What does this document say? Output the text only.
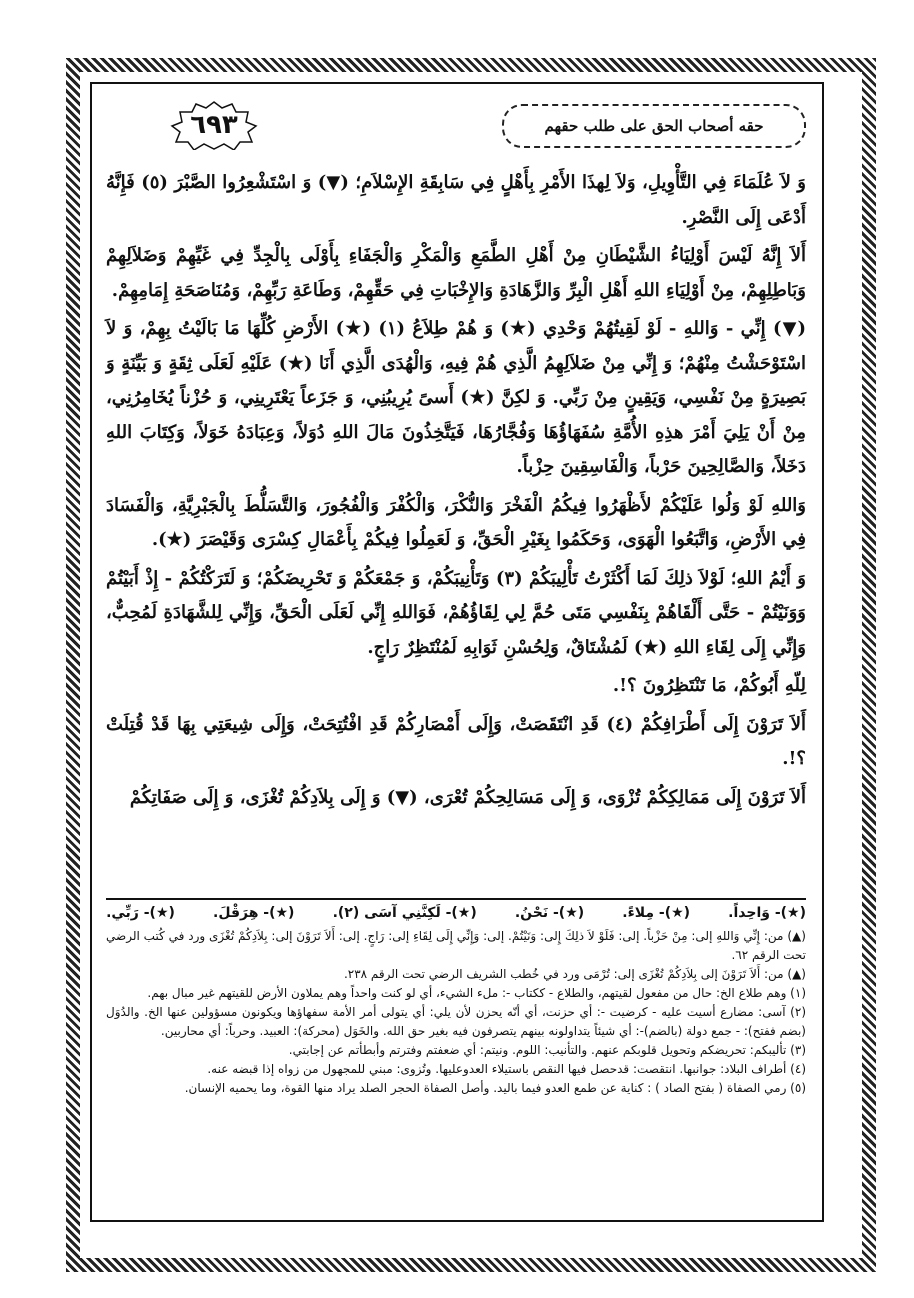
٦٩٣	حقه أصحاب الحق على طلب حقهم

وَ لاَ عُلَمَاءَ فِي التَّأْوِيلِ، وَلاَ لِهذَا الأَمْرِ بِأَهْلٍ فِي سَابِقَةِ الإِسْلاَمِ؛ (▼) وَ اسْتَشْعِرُوا الصَّبْرَ (٥) فَإِنَّهُ أَدْعَى إِلَى النَّصْرِ.

أَلاَ إِنَّهُ لَيْسَ أَوْلِيَاءُ الشَّيْطَانِ مِنْ أَهْلِ الطَّمَعِ وَالْمَكْرِ وَالْجَفَاءِ بِأَوْلَى بِالْجِدِّ فِي غَيِّهِمْ وَضَلاَلِهِمْ وَبَاطِلِهِمْ، مِنْ أَوْلِيَاءِ اللهِ أَهْلِ الْبِرِّ وَالزَّهَادَةِ وَالإِخْبَاتِ فِي حَقِّهِمْ، وَطَاعَةِ رَبِّهِمْ، وَمُنَاصَحَةِ إِمَامِهِمْ.

(▼) إِنِّي - وَاللهِ - لَوْ لَقِيتُهُمْ وَحْدِي (★) وَ هُمْ طِلاَعُ (١) (★) الأَرْضِ كُلِّهَا مَا بَالَيْتُ بِهِمْ، وَ لاَ اسْتَوْحَشْتُ مِنْهُمْ؛ وَ إِنِّي مِنْ ضَلاَلِهِمُ الَّذِي هُمْ فِيهِ، وَالْهُدَى الَّذِي أَنَا (★) عَلَيْهِ لَعَلَى ثِقَةٍ وَ بَيِّنَةٍ وَ بَصِيرَةٍ مِنْ نَفْسِي، وَيَقِينٍ مِنْ رَبِّي. وَ لكِنَّ (★) أَسىً يُرِيبُنِي، وَ جَزَعاً يَعْتَرِينِي، وَ حُزْناً يُخَامِرُنِي، مِنْ أَنْ يَلِيَ أَمْرَ هذِهِ الأُمَّةِ سُفَهَاؤُهَا وَفُجَّارُهَا، فَيَتَّخِذُونَ مَالَ اللهِ دُوَلاً، وَعِبَادَهُ خَوَلاً، وَكِتَابَ اللهِ دَخَلاً، وَالصَّالِحِينَ حَرْباً، وَالْفَاسِقِينَ حِزْباً.

وَاللهِ لَوْ وَلُوا عَلَيْكُمْ لأَظْهَرُوا فِيكُمُ الْفَخْرَ وَالنُّكْرَ، وَالْكُفْرَ وَالْفُجُورَ، وَالتَّسَلُّطَ بِالْجَبْرِيَّةِ، وَالْفَسَادَ فِي الأَرْضِ، وَاتَّبَعُوا الْهَوَى، وَحَكَمُوا بِغَيْرِ الْحَقِّ، وَ لَعَمِلُوا فِيكُمْ بِأَعْمَالِ كِسْرَى وَقَيْصَرَ (★).

وَ أَيْمُ اللهِ؛ لَوْلاَ ذلِكَ لَمَا أَكْثَرْتُ تَأْلِيبَكُمْ (٣) وَتَأْنِيبَكُمْ، وَ جَمْعَكُمْ وَ تَحْرِيضَكُمْ؛ وَ لَتَرَكْتُكُمْ - إِذْ أَبَيْتُمْ وَوَنَيْتُمْ - حَتَّى أَلْقَاهُمْ بِنَفْسِي مَتَى حُمَّ لِي لِقَاؤُهُمْ، فَوَاللهِ إِنِّي لَعَلَى الْحَقِّ، وَإِنِّي لِلشَّهَادَةِ لَمُحِبٌّ، وَإِنِّي إِلَى لِقَاءِ اللهِ (★) لَمُشْتَاقٌ، وَلِحُسْنِ ثَوَابِهِ لَمُنْتَظِرٌ رَاجٍ.

لِلّهِ أَبُوكُمْ، مَا تَنْتَظِرُونَ ؟!.

أَلاَ تَرَوْنَ إِلَى أَطْرَافِكُمْ (٤) قَدِ انْتَقَصَتْ، وَإِلَى أَمْصَارِكُمْ قَدِ افْتُتِحَتْ، وَإِلَى شِيعَتِي بِهَا قَدْ قُتِلَتْ ؟!.

أَلاَ تَرَوْنَ إِلَى مَمَالِكِكُمْ تُزْوَى، وَ إِلَى مَسَالِحِكُمْ تُعْرَى، (▼) وَ إِلَى بِلاَدِكُمْ تُغْزَى، وَ إِلَى صَفَاتِكُمْ

(★)- وَاحِداً.
(★)- مِلاءً.
(★)- نَحْنُ.
(★)- لَكِنَّنِي آسَى (٢).
(★)- هِرَقْلَ.
(★)- رَبِّي.

(▲) من: إِنِّي وَاللهِ إلى: مِنْ حَزْباً. إلى: فَلَوْ لاَ ذلِكَ إِلى: وَنَيْتُمْ. إلى: وَإِنِّي إِلَى لِقَاءِ إلى: رَاجٍ. إلى: أَلاَ تَرَوْنَ إلى: بِلاَدِكُمْ تُغْزَى ورد في كُتب الرضي تحت الرقم ٦٢.

(▲) من: أَلاَ تَرَوْنَ إلى بِلاَدِكُمْ تُغْزَى إلى: تُرْمَى ورد في خُطب الشريف الرضي تحت الرقم ٢٣٨.

(١) وهم طلاع الخ: حال من مفعول لقيتهم، والطلاع - ككتاب -: ملء الشيء، أي لو كنت واحداً وهم يملاون الأرض للقيتهم غير مبال بهم.

(٢) آسى: مضارع أسيت عليه - كرضيت -: أي حزنت، أي أنّه يحزن لأن يلي: أي يتولى أمر الأمة سفهاؤها ويكونون مسؤولين عنها الخ. والدُوَل (بضم ففتح): - جمع دولة (بالضم)-: أي شيئاً يتداولونه بينهم يتصرفون فيه بغير حق الله. والخَوَل (محركة): العبيد. وحرباً: أي محاربين.

(٣) تأليبكم: تحريضكم وتحويل قلوبكم عنهم. والتأنيب: اللوم. ونيتم: أي ضعفتم وفترتم وأبطأتم عن إجابتي.

(٤) أطراف البلاد: جوانبها. انتقصت: قدحصل فيها النقص باستيلاء العدوعليها. وتُزوى: مبني للمجهول من زواه إذا قبضه عنه.

(٥) رمي الصفاة ( بفتح الصاد ) : كناية عن طمع العدو فيما باليد. وأصل الصفاة الحجر الصلد يراد منها القوة، وما يحميه الإنسان.
